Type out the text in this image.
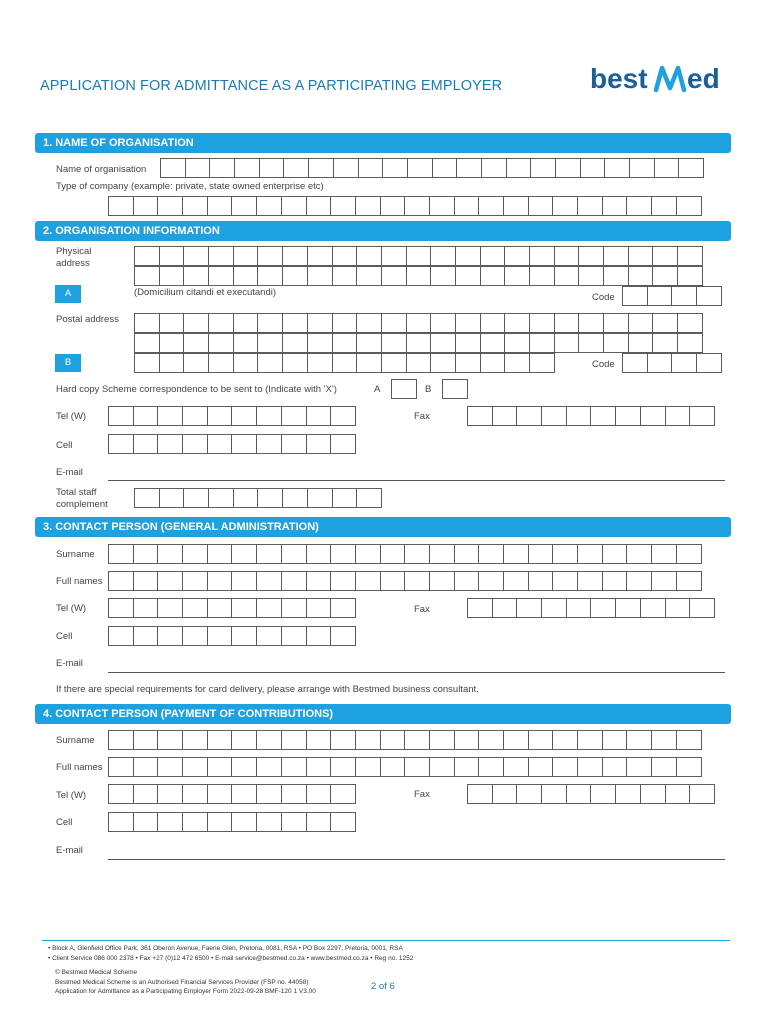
APPLICATION FOR ADMITTANCE AS A PARTICIPATING EMPLOYER	best ed
1. NAME OF ORGANISATION
Name of organisation
Type of company (example: private, state owned enterprise etc)
2. ORGANISATION INFORMATION
Physical
address
A	(Domicilium citandi et executandi)	Code
Postal address
B	Code
Hard copy Scheme correspondence to be sent to (Indicate with 'X')	A	B
Tel (W)	Fax
Cell
E-mail
Total staff
complement
3. CONTACT PERSON (GENERAL ADMINISTRATION)
Surname
Full names
Tel (W)	Fax
Cell
E-mail
If there are special requirements for card delivery, please arrange with Bestmed business consultant.
4. CONTACT PERSON (PAYMENT OF CONTRIBUTIONS)
Surname
Full names
Tel (W)	Fax
Cell
E-mail
• Block A, Glenfield Office Park, 361 Oberon Avenue, Faerie Glen, Pretoria, 0081, RSA • PO Box 2297, Pretoria, 0001, RSA
• Client Service 086 000 2378 • Fax +27 (0)12 472 6500 • E-mail service@bestmed.co.za • www.bestmed.co.za • Reg no. 1252
© Bestmed Medical Scheme
Bestmed Medical Scheme is an Authorised Financial Services Provider (FSP no. 44058)
Application for Admittance as a Participating Employer Form 2022-09-28 BMF-120 1 V3.00	2 of 6
